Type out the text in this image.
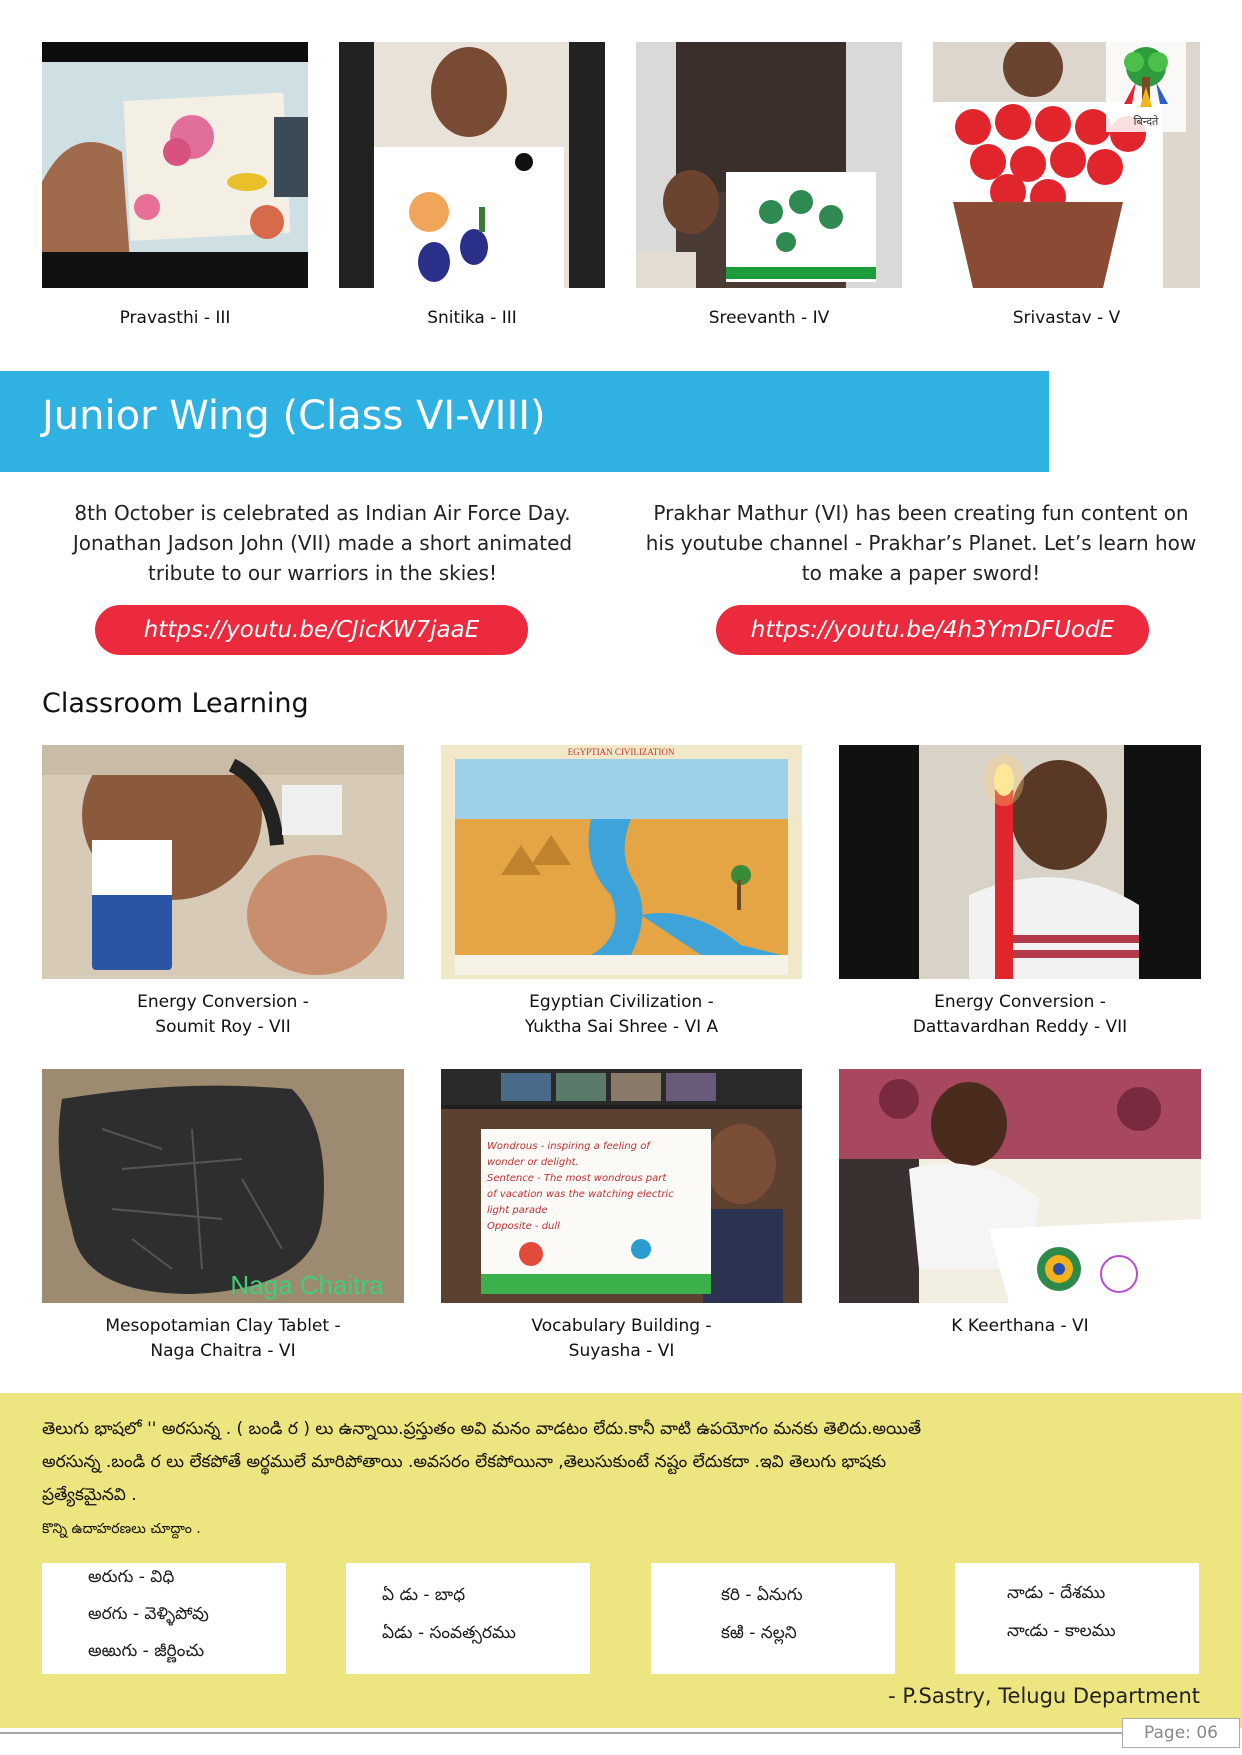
बिन्दते
Pravasthi - III	Snitika - III	Sreevanth - IV	Srivastav - V
Junior Wing (Class VI-VIII)
8th October is celebrated as Indian Air Force Day. Jonathan Jadson John (VII) made a short animated tribute to our warriors in the skies!
Prakhar Mathur (VI) has been creating fun content on his youtube channel - Prakhar’s Planet. Let’s learn how to make a paper sword!
https://youtu.be/CJicKW7jaaE	https://youtu.be/4h3YmDFUodE
Classroom Learning
Hi-Watt
EGYPTIAN CIVILIZATION
Energy Conversion -
Soumit Roy - VII
Egyptian Civilization -
Yuktha Sai Shree - VI A
Energy Conversion -
Dattavardhan Reddy - VII
Naga Chaitra
Wondrous - inspiring a feeling of
wonder or delight.
Sentence - The most wondrous part
of vacation was the watching electric
light parade
Opposite - dull
Mesopotamian Clay Tablet -
Naga Chaitra - VI
Vocabulary Building -
Suyasha - VI
K Keerthana - VI
తెలుగు భాషలో '' అరసున్న . ( బండి ర ) లు ఉన్నాయి.ప్రస్తుతం అవి మనం వాడటం లేదు.కానీ వాటి ఉపయోగం మనకు తెలిదు.అయితే
అరసున్న .బండి ర లు లేకపోతే అర్థములే మారిపోతాయి .అవసరం లేకపోయినా ,తెలుసుకుంటే నష్టం లేదుకదా .ఇవి తెలుగు భాషకు
ప్రత్యేకమైనవి .
కొన్ని ఉదాహరణలు చూద్దాం .
అరుగు - విధి
అరగు - వెళ్ళిపోవు
అఱుగు - జీర్ణించు
ఏ డు - బాధ
ఏడు - సంవత్సరము
కరి - ఏనుగు
కఱి - నల్లని
నాడు - దేశము
నాఁడు - కాలము
- P.Sastry, Telugu Department
Page: 06
